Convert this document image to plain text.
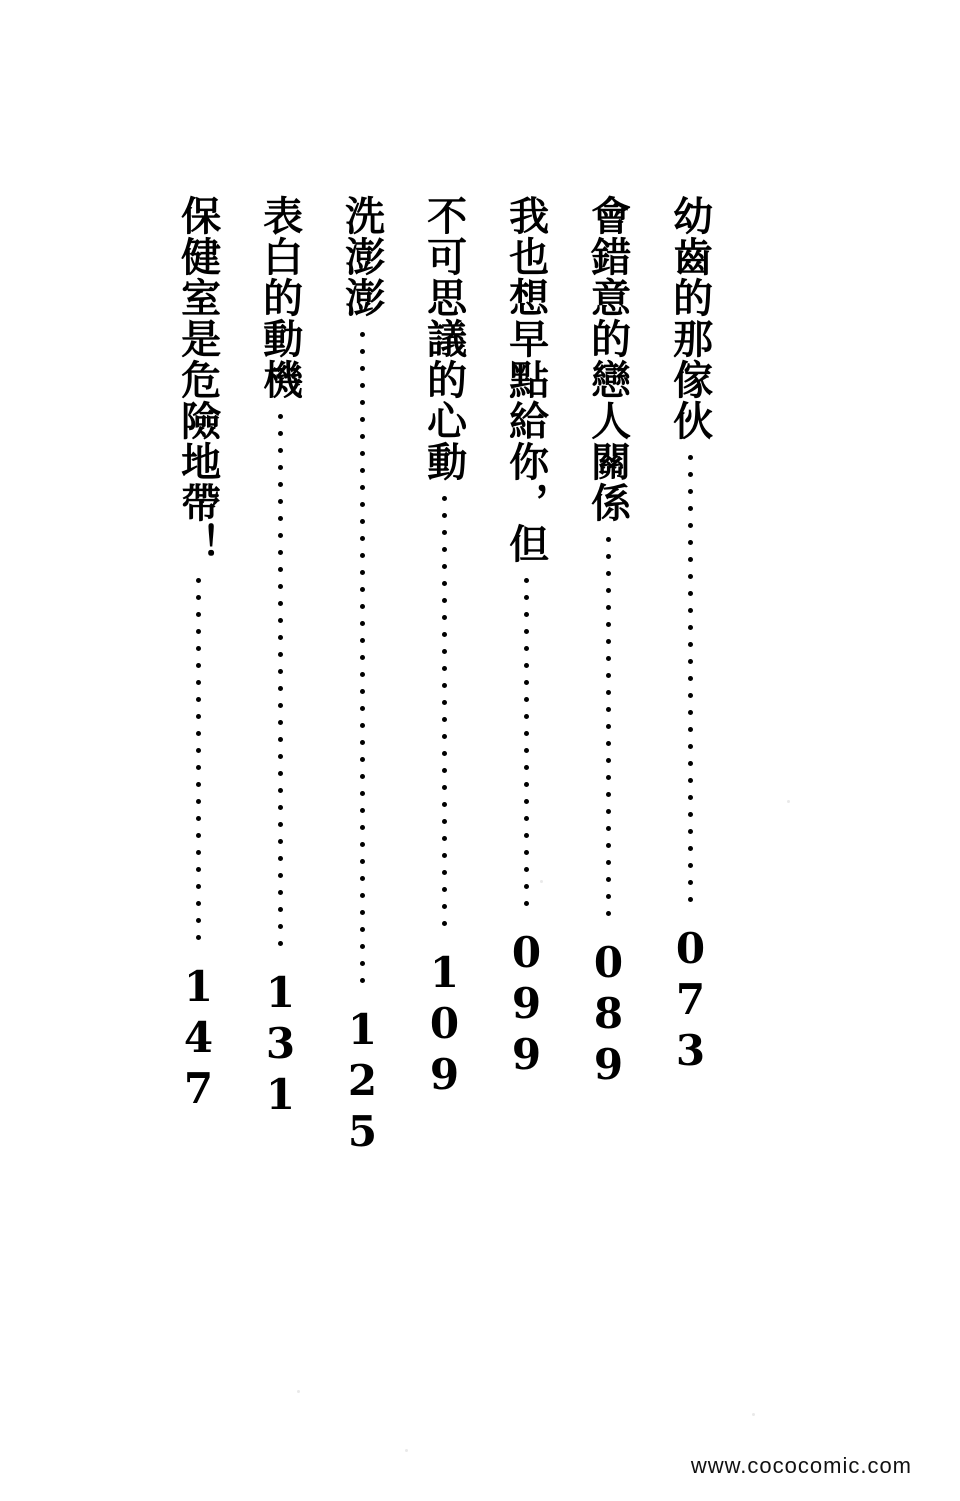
幼齒的那傢伙
073
會錯意的戀人關係
089
我也想早點給你，但
099
不可思議的心動
109
洗澎澎
125
表白的動機
131
保健室是危險地帶！
147
www.cococomic.com
